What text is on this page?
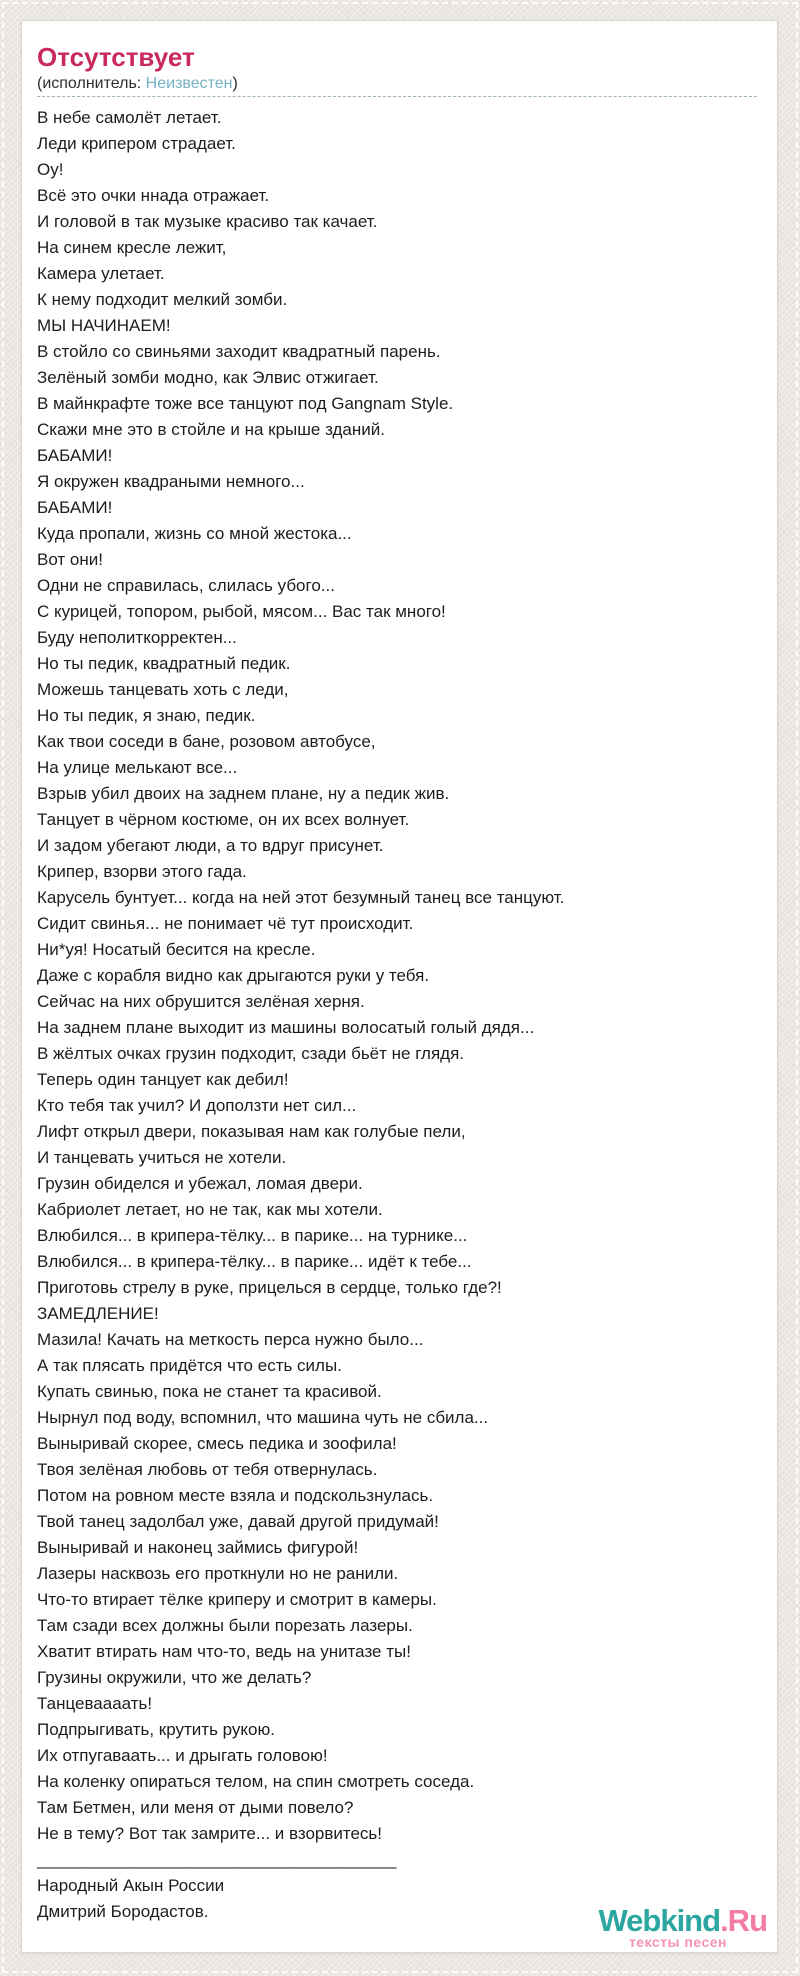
Отсутствует
(исполнитель: Неизвестен)
В небе самолёт летает.
Леди крипером страдает.
Оу!
Всё это очки ннада отражает.
И головой в так музыке красиво так качает.
На синем кресле лежит,
Камера улетает.
К нему подходит мелкий зомби.
МЫ НАЧИНАЕМ!
В стойло со свиньями заходит квадратный парень.
Зелёный зомби модно, как Элвис отжигает.
В майнкрафте тоже все танцуют под Gangnam Style.
Скажи мне это в стойле и на крыше зданий.
БАБАМИ!
Я окружен квадраными немного...
БАБАМИ!
Куда пропали, жизнь со мной жестока...
Вот они!
Одни не справилась, слилась убого...
С курицей, топором, рыбой, мясом... Вас так много!
Буду неполиткорректен...
Но ты педик, квадратный педик.
Можешь танцевать хоть с леди,
Но ты педик, я знаю, педик.
Как твои соседи в бане, розовом автобусе,
На улице мелькают все...
Взрыв убил двоих на заднем плане, ну а педик жив.
Танцует в чёрном костюме, он их всех волнует.
И задом убегают люди, а то вдруг присунет.
Крипер, взорви этого гада.
Карусель бунтует... когда на ней этот безумный танец все танцуют.
Сидит свинья... не понимает чё тут происходит.
Ни*уя! Носатый бесится на кресле.
Даже с корабля видно как дрыгаются руки у тебя.
Сейчас на них обрушится зелёная херня.
На заднем плане выходит из машины волосатый голый дядя...
В жёлтых очках грузин подходит, сзади бьёт не глядя.
Теперь один танцует как дебил!
Кто тебя так учил? И доползти нет сил...
Лифт открыл двери, показывая нам как голубые пели,
И танцевать учиться не хотели.
Грузин обиделся и убежал, ломая двери.
Кабриолет летает, но не так, как мы хотели.
Влюбился... в крипера-тёлку... в парике... на турнике...
Влюбился... в крипера-тёлку... в парике... идёт к тебе...
Приготовь стрелу в руке, прицелься в сердце, только где?!
ЗАМЕДЛЕНИЕ!
Мазила! Качать на меткость перса нужно было...
А так плясать придётся что есть силы.
Купать свинью, пока не станет та красивой.
Нырнул под воду, вспомнил, что машина чуть не сбила...
Выныривай скорее, смесь педика и зоофила!
Твоя зелёная любовь от тебя отвернулась.
Потом на ровном месте взяла и подскользнулась.
Твой танец задолбал уже, давай другой придумай!
Выныривай и наконец займись фигурой!
Лазеры насквозь его проткнули но не ранили.
Что-то втирает тёлке криперу и смотрит в камеры.
Там сзади всех должны были порезать лазеры.
Хватит втирать нам что-то, ведь на унитазе ты!
Грузины окружили, что же делать?
Танцеваааать!
Подпрыгивать, крутить рукою.
Их отпугаваать... и дрыгать головою!
На коленку опираться телом, на спин смотреть соседа.
Там Бетмен, или меня от дыми повело?
Не в тему? Вот так замрите... и взорвитесь!
______________________________________
Народный Акын России
Дмитрий Бородастов.	Webkind.Ru
тексты песен
